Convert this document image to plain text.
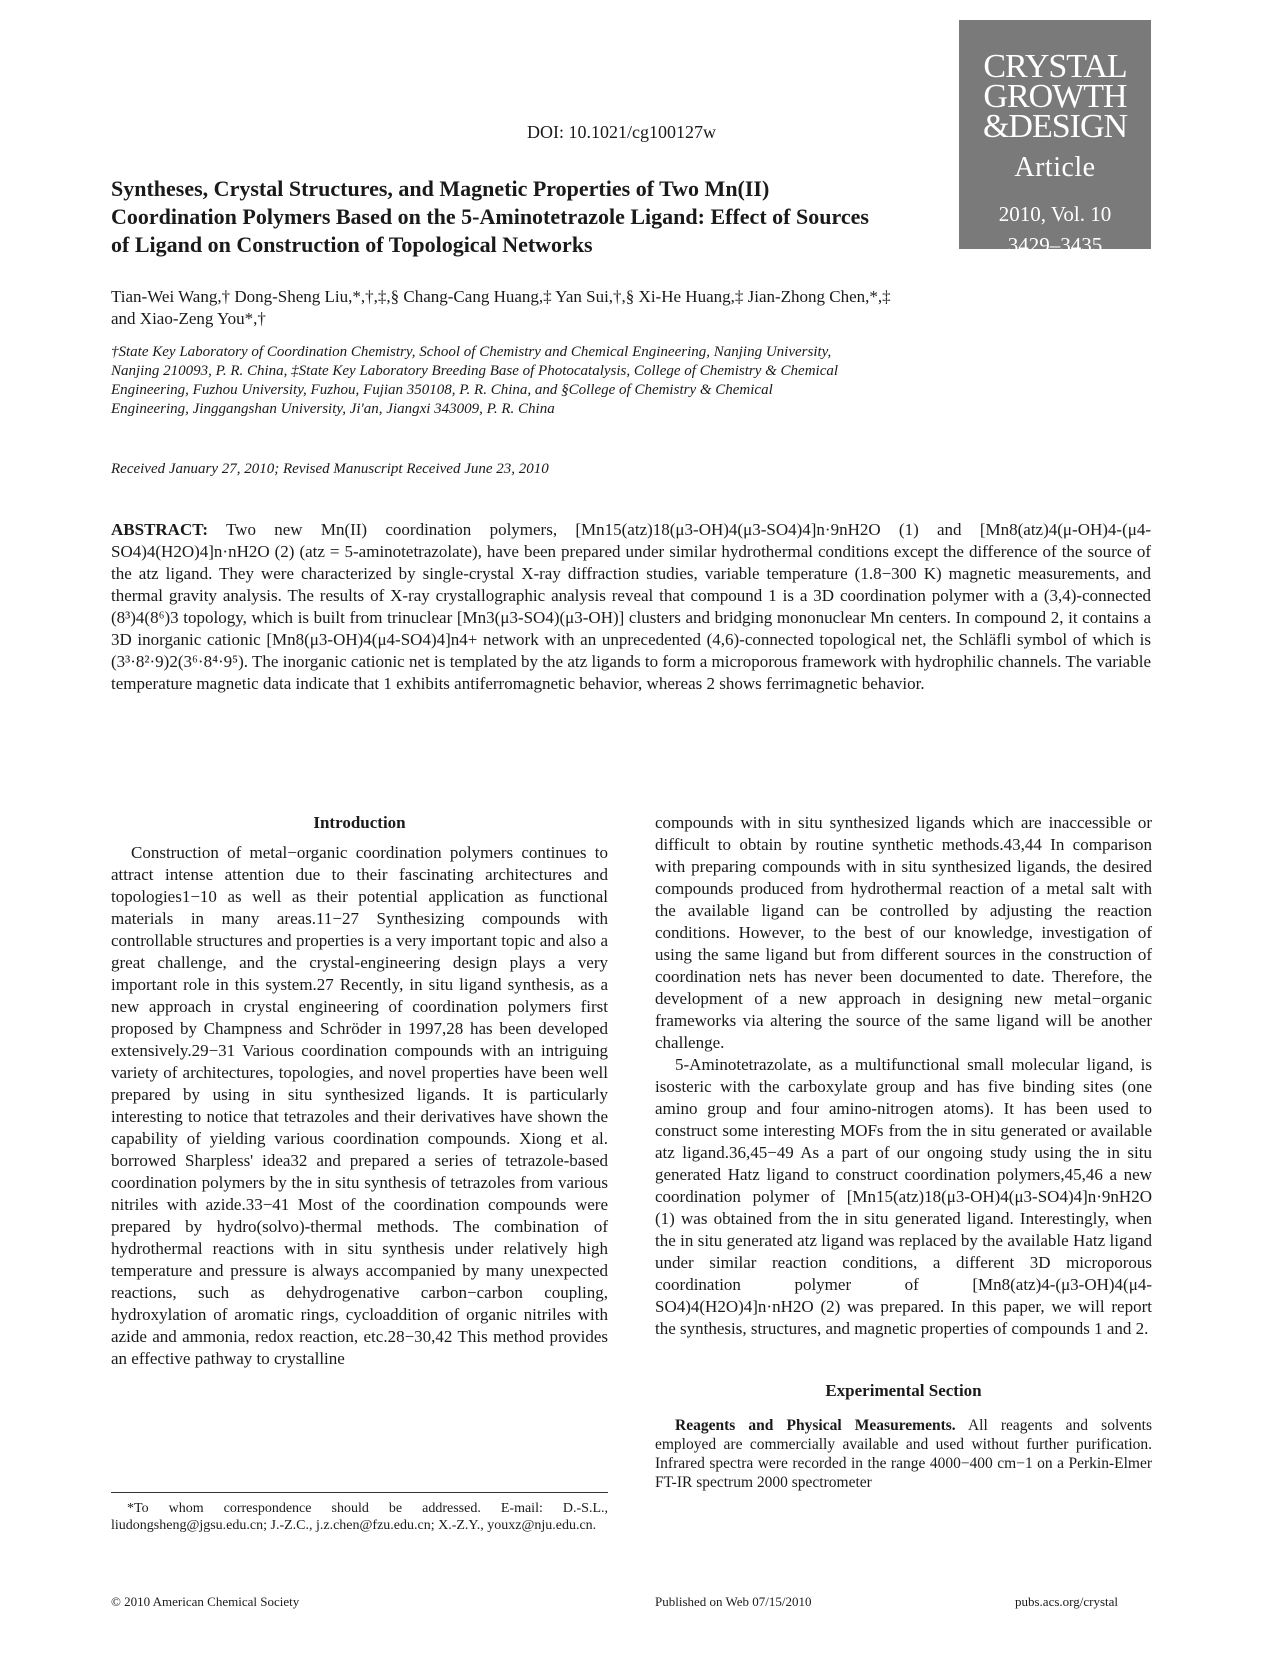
CRYSTAL
GROWTH
&DESIGN
Article
2010, Vol. 10
3429–3435
DOI: 10.1021/cg100127w
Syntheses, Crystal Structures, and Magnetic Properties of Two Mn(II) Coordination Polymers Based on the 5-Aminotetrazole Ligand: Effect of Sources of Ligand on Construction of Topological Networks
Tian-Wei Wang,† Dong-Sheng Liu,*,†,‡,§ Chang-Cang Huang,‡ Yan Sui,†,§ Xi-He Huang,‡ Jian-Zhong Chen,*,‡ and Xiao-Zeng You*,†
†State Key Laboratory of Coordination Chemistry, School of Chemistry and Chemical Engineering, Nanjing University, Nanjing 210093, P. R. China, ‡State Key Laboratory Breeding Base of Photocatalysis, College of Chemistry & Chemical Engineering, Fuzhou University, Fuzhou, Fujian 350108, P. R. China, and §College of Chemistry & Chemical Engineering, Jinggangshan University, Ji'an, Jiangxi 343009, P. R. China
Received January 27, 2010; Revised Manuscript Received June 23, 2010
ABSTRACT: Two new Mn(II) coordination polymers, [Mn15(atz)18(μ3-OH)4(μ3-SO4)4]n·9nH2O (1) and [Mn8(atz)4(μ-OH)4-(μ4-SO4)4(H2O)4]n·nH2O (2) (atz = 5-aminotetrazolate), have been prepared under similar hydrothermal conditions except the difference of the source of the atz ligand. They were characterized by single-crystal X-ray diffraction studies, variable temperature (1.8−300 K) magnetic measurements, and thermal gravity analysis. The results of X-ray crystallographic analysis reveal that compound 1 is a 3D coordination polymer with a (3,4)-connected (8³)4(8⁶)3 topology, which is built from trinuclear [Mn3(μ3-SO4)(μ3-OH)] clusters and bridging mononuclear Mn centers. In compound 2, it contains a 3D inorganic cationic [Mn8(μ3-OH)4(μ4-SO4)4]n4+ network with an unprecedented (4,6)-connected topological net, the Schläfli symbol of which is (3³·8²·9)2(3⁶·8⁴·9⁵). The inorganic cationic net is templated by the atz ligands to form a microporous framework with hydrophilic channels. The variable temperature magnetic data indicate that 1 exhibits antiferromagnetic behavior, whereas 2 shows ferrimagnetic behavior.
Introduction

Construction of metal−organic coordination polymers continues to attract intense attention due to their fascinating architectures and topologies1−10 as well as their potential application as functional materials in many areas.11−27 Synthesizing compounds with controllable structures and properties is a very important topic and also a great challenge, and the crystal-engineering design plays a very important role in this system.27 Recently, in situ ligand synthesis, as a new approach in crystal engineering of coordination polymers first proposed by Champness and Schröder in 1997,28 has been developed extensively.29−31 Various coordination compounds with an intriguing variety of architectures, topologies, and novel properties have been well prepared by using in situ synthesized ligands. It is particularly interesting to notice that tetrazoles and their derivatives have shown the capability of yielding various coordination compounds. Xiong et al. borrowed Sharpless' idea32 and prepared a series of tetrazole-based coordination polymers by the in situ synthesis of tetrazoles from various nitriles with azide.33−41 Most of the coordination compounds were prepared by hydro(solvo)-thermal methods. The combination of hydrothermal reactions with in situ synthesis under relatively high temperature and pressure is always accompanied by many unexpected reactions, such as dehydrogenative carbon−carbon coupling, hydroxylation of aromatic rings, cycloaddition of organic nitriles with azide and ammonia, redox reaction, etc.28−30,42 This method provides an effective pathway to crystalline

compounds with in situ synthesized ligands which are inaccessible or difficult to obtain by routine synthetic methods.43,44 In comparison with preparing compounds with in situ synthesized ligands, the desired compounds produced from hydrothermal reaction of a metal salt with the available ligand can be controlled by adjusting the reaction conditions. However, to the best of our knowledge, investigation of using the same ligand but from different sources in the construction of coordination nets has never been documented to date. Therefore, the development of a new approach in designing new metal−organic frameworks via altering the source of the same ligand will be another challenge.

5-Aminotetrazolate, as a multifunctional small molecular ligand, is isosteric with the carboxylate group and has five binding sites (one amino group and four amino-nitrogen atoms). It has been used to construct some interesting MOFs from the in situ generated or available atz ligand.36,45−49 As a part of our ongoing study using the in situ generated Hatz ligand to construct coordination polymers,45,46 a new coordination polymer of [Mn15(atz)18(μ3-OH)4(μ3-SO4)4]n·9nH2O (1) was obtained from the in situ generated ligand. Interestingly, when the in situ generated atz ligand was replaced by the available Hatz ligand under similar reaction conditions, a different 3D microporous coordination polymer of [Mn8(atz)4-(μ3-OH)4(μ4-SO4)4(H2O)4]n·nH2O (2) was prepared. In this paper, we will report the synthesis, structures, and magnetic properties of compounds 1 and 2.

Experimental Section

Reagents and Physical Measurements. All reagents and solvents employed are commercially available and used without further purification. Infrared spectra were recorded in the range 4000−400 cm−1 on a Perkin-Elmer FT-IR spectrum 2000 spectrometer

*To whom correspondence should be addressed. E-mail: D.-S.L., liudongsheng@jgsu.edu.cn; J.-Z.C., j.z.chen@fzu.edu.cn; X.-Z.Y., youxz@nju.edu.cn.
© 2010 American Chemical Society	Published on Web 07/15/2010	pubs.acs.org/crystal
